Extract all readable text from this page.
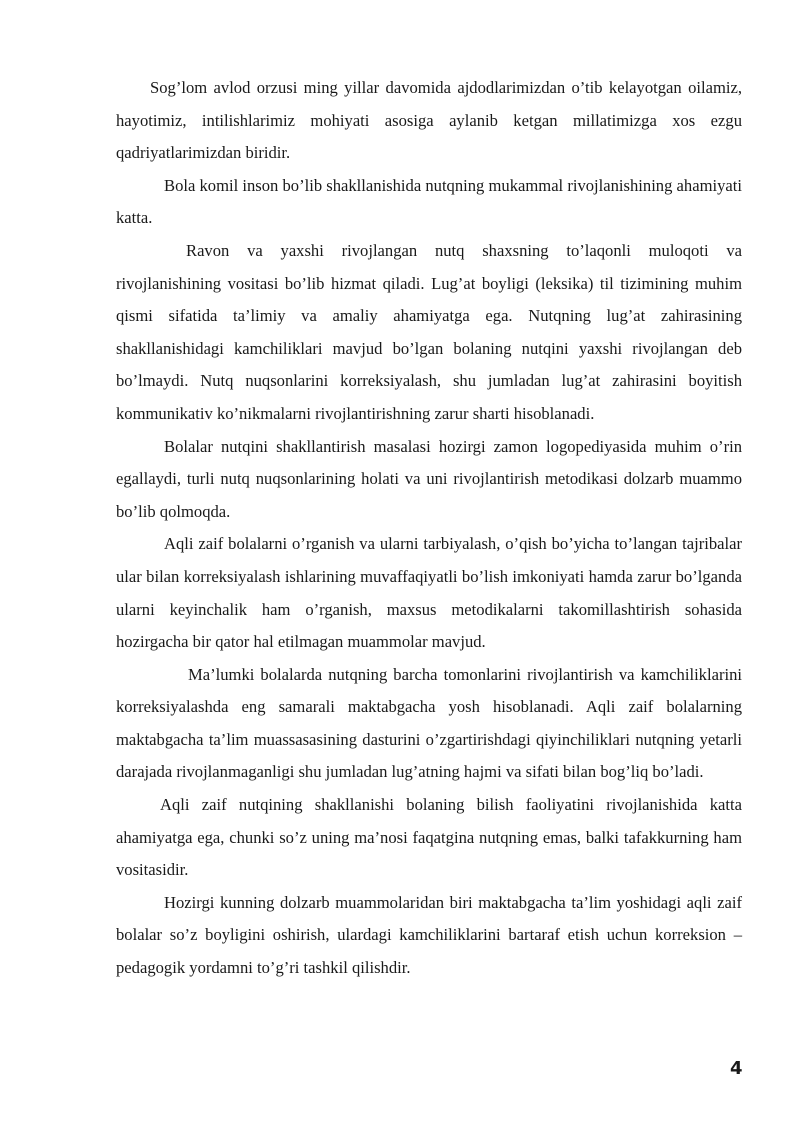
Sog’lom avlod orzusi ming yillar davomida ajdodlarimizdan o’tib kelayotgan oilamiz, hayotimiz, intilishlarimiz mohiyati asosiga aylanib ketgan millatimizga xos ezgu qadriyatlarimizdan biridir.

Bola komil inson bo’lib shakllanishida nutqning mukammal rivojlanishining ahamiyati katta.

Ravon va yaxshi rivojlangan nutq shaxsning to’laqonli muloqoti va rivojlanishining vositasi bo’lib hizmat qiladi. Lug’at boyligi (leksika) til tizimining muhim qismi sifatida ta’limiy va amaliy ahamiyatga ega. Nutqning lug’at zahirasining shakllanishidagi kamchiliklari mavjud bo’lgan bolaning nutqini yaxshi rivojlangan deb bo’lmaydi. Nutq nuqsonlarini korreksiyalash, shu jumladan lug’at zahirasini boyitish kommunikativ ko’nikmalarni rivojlantirishning zarur sharti hisoblanadi.

Bolalar nutqini shakllantirish masalasi hozirgi zamon logopediyasida muhim o’rin egallaydi, turli nutq nuqsonlarining holati va uni rivojlantirish metodikasi dolzarb muammo bo’lib qolmoqda.

Aqli zaif bolalarni o’rganish va ularni tarbiyalash, o’qish bo’yicha to’langan tajribalar ular bilan korreksiyalash ishlarining muvaffaqiyatli bo’lish imkoniyati hamda zarur bo’lganda ularni keyinchalik ham o’rganish, maxsus metodikalarni takomillashtirish sohasida hozirgacha bir qator hal etilmagan muammolar mavjud.

Ma’lumki bolalarda nutqning barcha tomonlarini rivojlantirish va kamchiliklarini korreksiyalashda eng samarali maktabgacha yosh hisoblanadi. Aqli zaif bolalarning maktabgacha ta’lim muassasasining dasturini o’zgartirishdagi qiyinchiliklari nutqning yetarli darajada rivojlanmaganligi shu jumladan lug’atning hajmi va sifati bilan bog’liq bo’ladi.

Aqli zaif nutqining shakllanishi bolaning bilish faoliyatini rivojlanishida katta ahamiyatga ega, chunki so’z uning ma’nosi faqatgina nutqning emas, balki tafakkurning ham vositasidir.

Hozirgi kunning dolzarb muammolaridan biri maktabgacha ta’lim yoshidagi aqli zaif bolalar so’z boyligini oshirish, ulardagi kamchiliklarini bartaraf etish uchun korreksion – pedagogik yordamni to’g’ri tashkil qilishdir.

4
